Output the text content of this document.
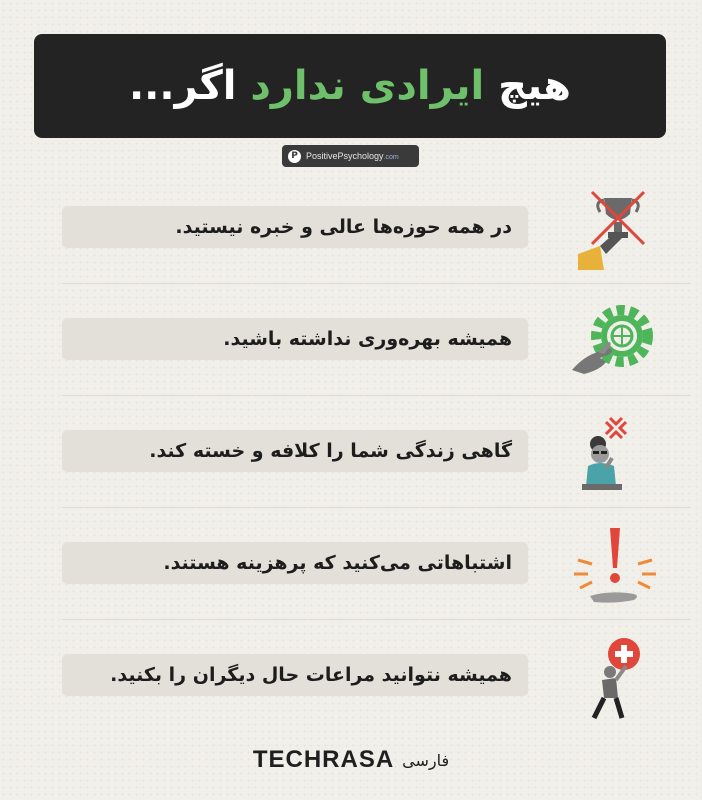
هیچ ایرادی ندارد اگر...
P PositivePsychology.com
در همه حوزه‌ها عالی و خبره نیستید.
همیشه بهره‌وری نداشته باشید.
گاهی زندگی شما را کلافه و خسته کند.
اشتباهاتی می‌کنید که پرهزینه هستند.
همیشه نتوانید مراعات حال دیگران را بکنید.
TECHRASA فارسی
